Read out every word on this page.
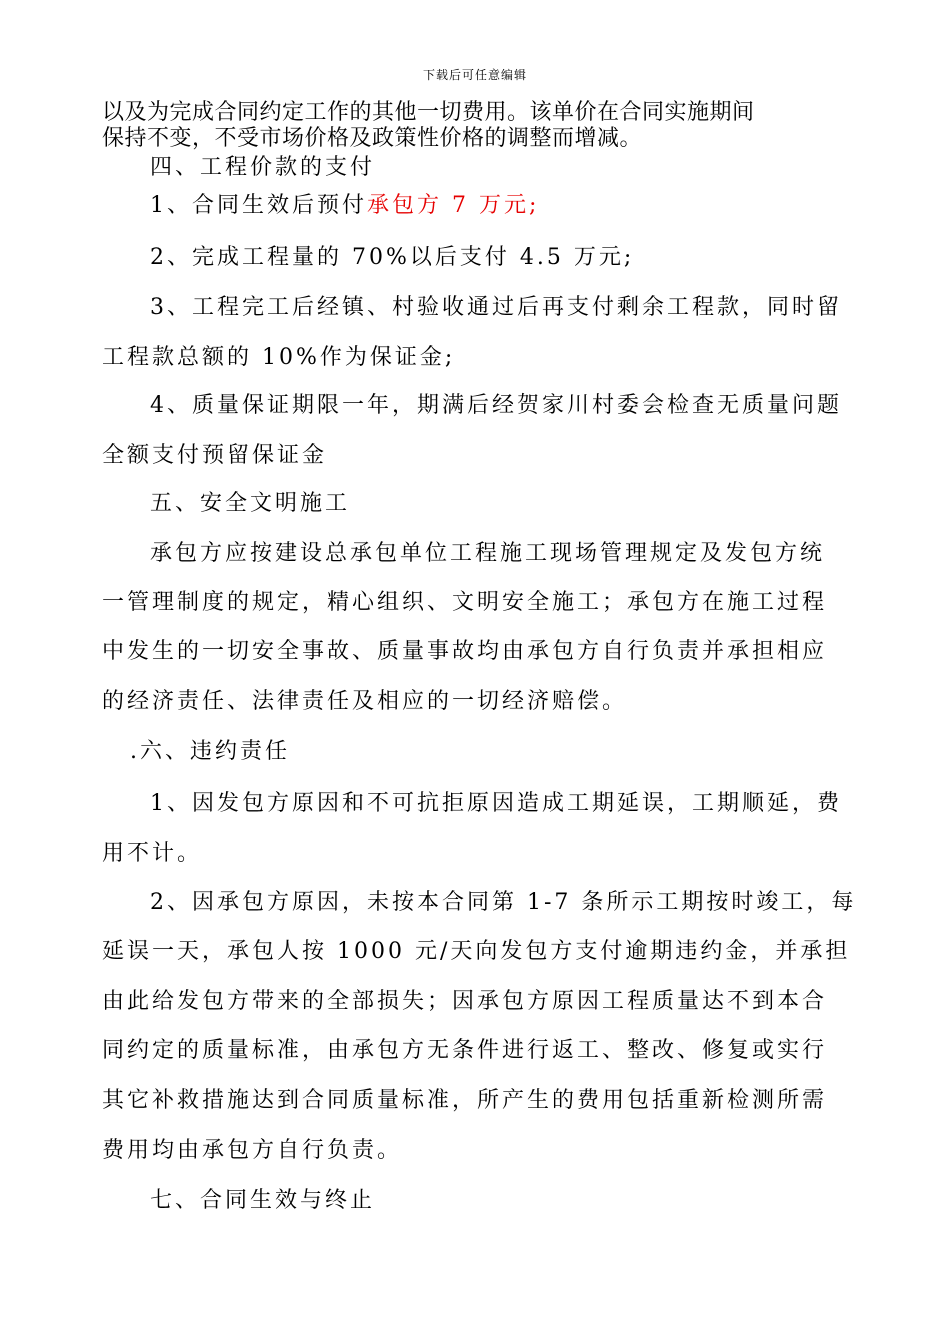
下载后可任意编辑
以及为完成合同约定工作的其他一切费用。该单价在合同实施期间
保持不变，不受市场价格及政策性价格的调整而增减。
四、工程价款的支付
1、合同生效后预付承包方 7 万元;
2、完成工程量的 70%以后支付 4.5 万元;
3、工程完工后经镇、村验收通过后再支付剩余工程款，同时留
工程款总额的 10%作为保证金;
4、质量保证期限一年，期满后经贺家川村委会检查无质量问题
全额支付预留保证金
五、安全文明施工
承包方应按建设总承包单位工程施工现场管理规定及发包方统
一管理制度的规定，精心组织、文明安全施工；承包方在施工过程
中发生的一切安全事故、质量事故均由承包方自行负责并承担相应
的经济责任、法律责任及相应的一切经济赔偿。
.六、违约责任
1、因发包方原因和不可抗拒原因造成工期延误，工期顺延，费
用不计。
2、因承包方原因，未按本合同第 1-7 条所示工期按时竣工，每
延误一天，承包人按 1000 元/天向发包方支付逾期违约金，并承担
由此给发包方带来的全部损失；因承包方原因工程质量达不到本合
同约定的质量标准，由承包方无条件进行返工、整改、修复或实行
其它补救措施达到合同质量标准，所产生的费用包括重新检测所需
费用均由承包方自行负责。
七、合同生效与终止
